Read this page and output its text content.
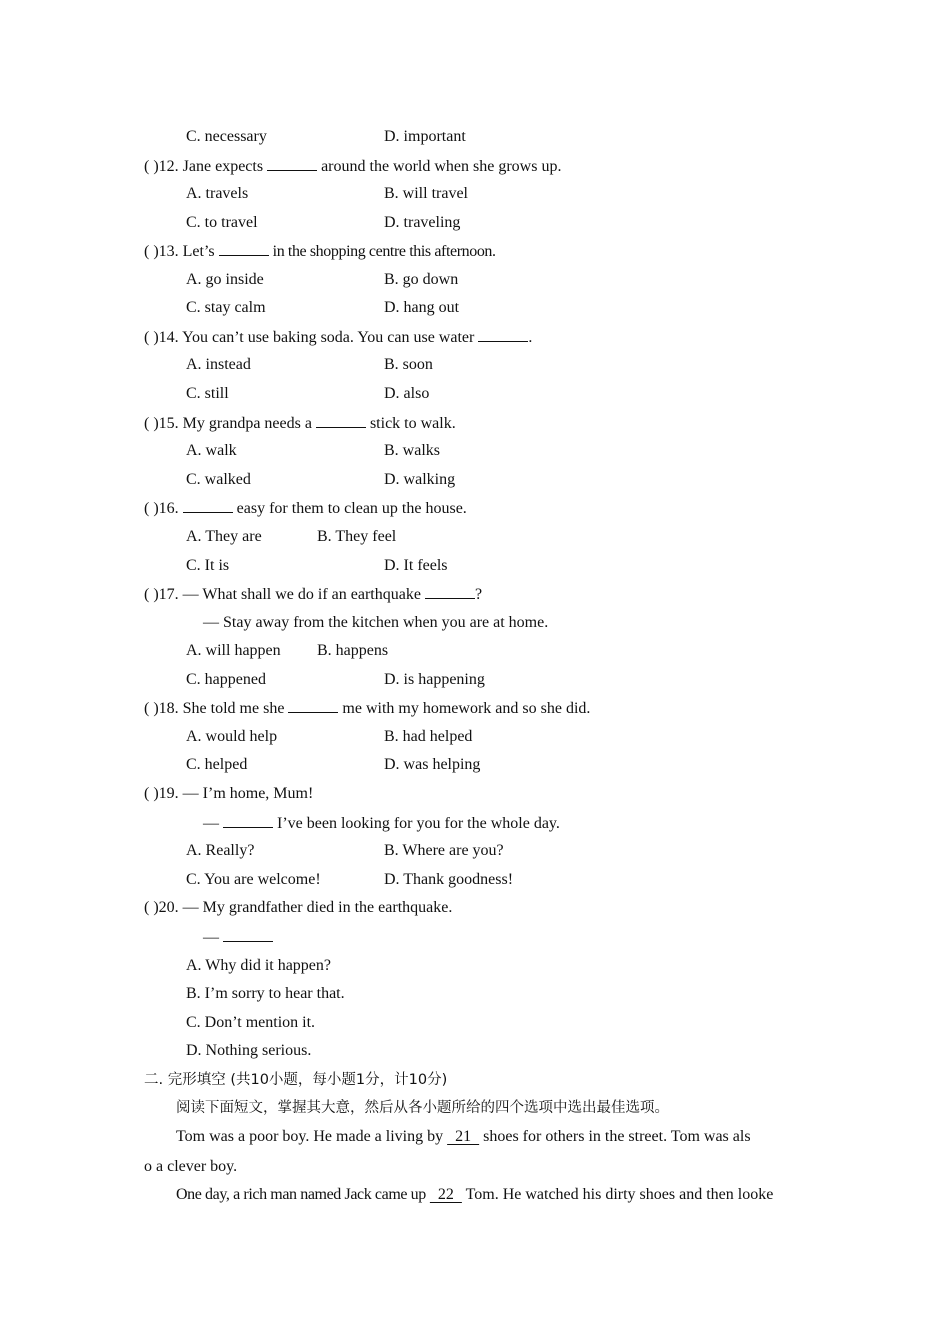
C. necessary	D. important
( )12. Jane expects	around the world when she grows up.
A. travels	B. will travel
C. to travel	D. traveling
( )13. Let’s	in the shopping centre this afternoon.
A. go inside	B. go down
C. stay calm	D. hang out
( )14. You can’t use baking soda. You can use water	.
A. instead	B. soon
C. still	D. also
( )15. My grandpa needs a	stick to walk.
A. walk	B. walks
C. walked	D. walking
( )16.	easy for them to clean up the house.
A. They are	B. They feel
C. It is	D. It feels
( )17. — What shall we do if an earthquake	?
— Stay away from the kitchen when you are at home.
A. will happen B. happens
C. happened	D. is happening
( )18. She told me she	me with my homework and so she did.
A. would help	B. had helped
C. helped	D. was helping
( )19. — I’m home, Mum!
—	I’ve been looking for you for the whole day.
A. Really?	B. Where are you?
C. You are welcome!	D. Thank goodness!
( )20. — My grandfather died in the earthquake.
—
A. Why did it happen?
B. I’m sorry to hear that.
C. Don’t mention it.
D. Nothing serious.
二. 完形填空 (共10小题，每小题1分，计10分)
阅读下面短文，掌握其大意，然后从各小题所给的四个选项中选出最佳选项。
Tom was a poor boy. He made a living by   21   shoes for others in the street. Tom was als
o a clever boy.
One day, a rich man named Jack came up   22   Tom. He watched his dirty shoes and then looke
